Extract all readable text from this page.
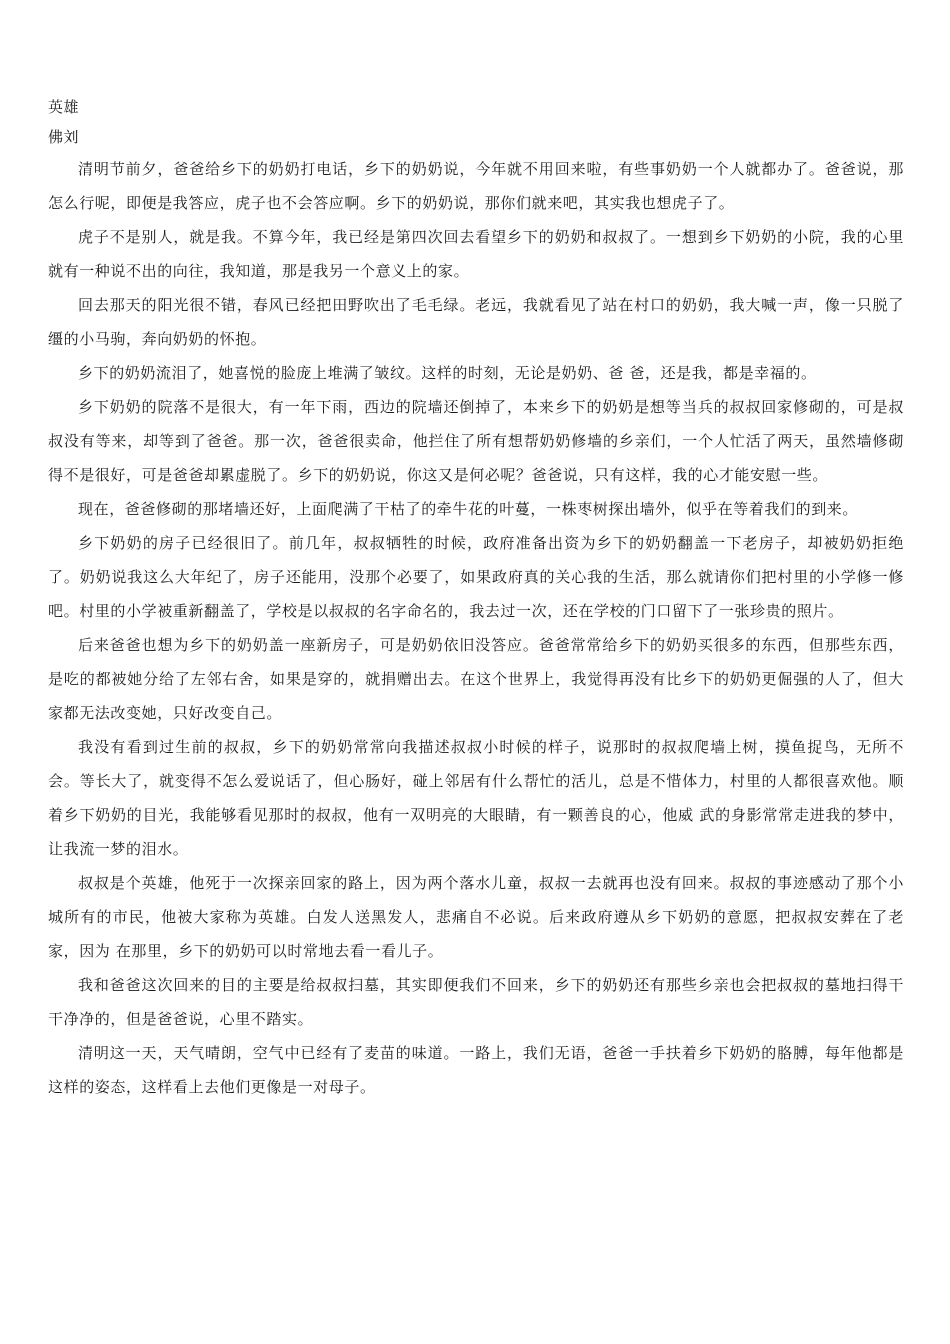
英雄

佛刘

清明节前夕，爸爸给乡下的奶奶打电话，乡下的奶奶说，今年就不用回来啦，有些事奶奶一个人就都办了。爸爸说，那怎么行呢，即便是我答应，虎子也不会答应啊。乡下的奶奶说，那你们就来吧，其实我也想虎子了。

虎子不是别人，就是我。不算今年，我已经是第四次回去看望乡下的奶奶和叔叔了。一想到乡下奶奶的小院，我的心里就有一种说不出的向往，我知道，那是我另一个意义上的家。

回去那天的阳光很不错，春风已经把田野吹出了毛毛绿。老远，我就看见了站在村口的奶奶，我大喊一声，像一只脱了缰的小马驹，奔向奶奶的怀抱。

乡下的奶奶流泪了，她喜悦的脸庞上堆满了皱纹。这样的时刻，无论是奶奶、爸 爸，还是我，都是幸福的。

乡下奶奶的院落不是很大，有一年下雨，西边的院墙还倒掉了，本来乡下的奶奶是想等当兵的叔叔回家修砌的，可是叔叔没有等来，却等到了爸爸。那一次，爸爸很卖命，他拦住了所有想帮奶奶修墙的乡亲们，一个人忙活了两天，虽然墙修砌得不是很好，可是爸爸却累虚脱了。乡下的奶奶说，你这又是何必呢？爸爸说，只有这样，我的心才能安慰一些。

现在，爸爸修砌的那堵墙还好，上面爬满了干枯了的牵牛花的叶蔓，一株枣树探出墙外，似乎在等着我们的到来。

乡下奶奶的房子已经很旧了。前几年，叔叔牺牲的时候，政府准备出资为乡下的奶奶翻盖一下老房子，却被奶奶拒绝了。奶奶说我这么大年纪了，房子还能用，没那个必要了，如果政府真的关心我的生活，那么就请你们把村里的小学修一修吧。村里的小学被重新翻盖了，学校是以叔叔的名字命名的，我去过一次，还在学校的门口留下了一张珍贵的照片。

后来爸爸也想为乡下的奶奶盖一座新房子，可是奶奶依旧没答应。爸爸常常给乡下的奶奶买很多的东西，但那些东西，是吃的都被她分给了左邻右舍，如果是穿的，就捐赠出去。在这个世界上，我觉得再没有比乡下的奶奶更倔强的人了，但大家都无法改变她，只好改变自己。

我没有看到过生前的叔叔，乡下的奶奶常常向我描述叔叔小时候的样子，说那时的叔叔爬墙上树，摸鱼捉鸟，无所不会。等长大了，就变得不怎么爱说话了，但心肠好，碰上邻居有什么帮忙的活儿，总是不惜体力，村里的人都很喜欢他。顺着乡下奶奶的目光，我能够看见那时的叔叔，他有一双明亮的大眼睛，有一颗善良的心，他威 武的身影常常走进我的梦中，让我流一梦的泪水。

叔叔是个英雄，他死于一次探亲回家的路上，因为两个落水儿童，叔叔一去就再也没有回来。叔叔的事迹感动了那个小城所有的市民，他被大家称为英雄。白发人送黑发人，悲痛自不必说。后来政府遵从乡下奶奶的意愿，把叔叔安葬在了老家，因为 在那里，乡下的奶奶可以时常地去看一看儿子。

我和爸爸这次回来的目的主要是给叔叔扫墓，其实即便我们不回来，乡下的奶奶还有那些乡亲也会把叔叔的墓地扫得干干净净的，但是爸爸说，心里不踏实。

清明这一天，天气晴朗，空气中已经有了麦苗的味道。一路上，我们无语，爸爸一手扶着乡下奶奶的胳膊，每年他都是这样的姿态，这样看上去他们更像是一对母子。
